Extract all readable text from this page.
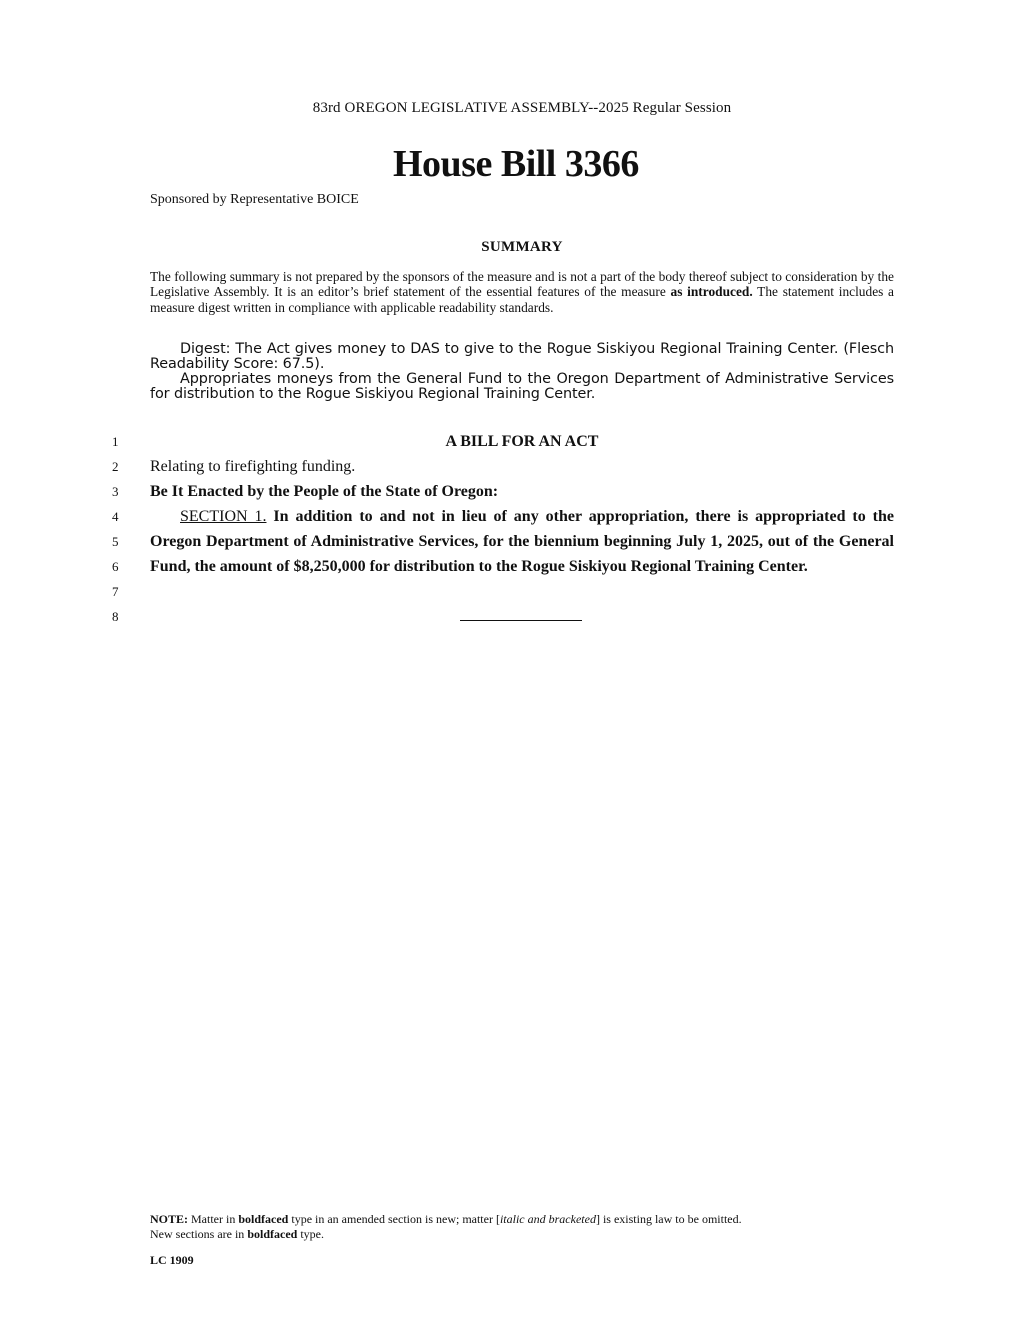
83rd OREGON LEGISLATIVE ASSEMBLY--2025 Regular Session
House Bill 3366
Sponsored by Representative BOICE
SUMMARY
The following summary is not prepared by the sponsors of the measure and is not a part of the body thereof subject to consideration by the Legislative Assembly. It is an editor’s brief statement of the essential features of the measure as introduced. The statement includes a measure digest written in compliance with applicable readability standards.

Digest: The Act gives money to DAS to give to the Rogue Siskiyou Regional Training Center. (Flesch Readability Score: 67.5).

Appropriates moneys from the General Fund to the Oregon Department of Administrative Services for distribution to the Rogue Siskiyou Regional Training Center.

1
2
3
4
5
6
7
8
A BILL FOR AN ACT
Relating to firefighting funding.
Be It Enacted by the People of the State of Oregon:
SECTION 1. In addition to and not in lieu of any other appropriation, there is appropriated to the Oregon Department of Administrative Services, for the biennium beginning July 1, 2025, out of the General Fund, the amount of $8,250,000 for distribution to the Rogue Siskiyou Regional Training Center.
NOTE: Matter in boldfaced type in an amended section is new; matter [italic and bracketed] is existing law to be omitted.
New sections are in boldfaced type.
LC 1909
